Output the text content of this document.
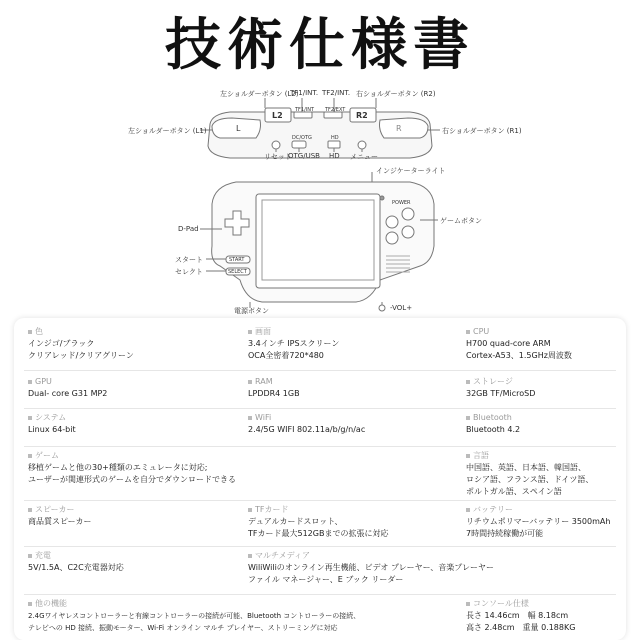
技術仕様書
L2	R2
L	R
TF1/INT TF2/EXT
DC/OTG	HD
START
SELECT
POWER
左ショルダーボタン (L2)
TF1/INT. TF2/INT. 右ショルダーボタン (R2)
左ショルダーボタン (L1)	右ショルダーボタン (R1)
リセット
OTG/USB HD メニュー
インジケーターライト
ゲームボタン
D-Pad
スタート
セレクト
電源ボタン	-VOL+
色
インジゴ/ブラック
クリアレッド/クリアグリーン
画面
3.4インチ IPSスクリーン
OCA全密着720*480
CPU
H700 quad-core ARM
Cortex-A53、1.5GHz周波数
GPU
Dual- core G31 MP2
RAM
LPDDR4 1GB
ストレージ
32GB TF/MicroSD
システム
Linux 64-bit
WiFi
2.4/5G WIFI 802.11a/b/g/n/ac
Bluetooth
Bluetooth 4.2
ゲーム
移植ゲームと他の30+種類のエミュレータに対応;
ユーザーが関連形式のゲームを自分でダウンロードできる
言語
中国語、英語、日本語、韓国語、
ロシア語、フランス語、ドイツ語、
ポルトガル語、スペイン語
スピーカー
商品質スピーカー
TFカード
デュアルカードスロット、
TFカード最大512GBまでの拡張に対応
バッテリー
リチウムポリマーバッテリー 3500mAh
7時間持続稼働が可能
充電
5V/1.5A、C2C充電器対応
マルチメディア
WiliWiliのオンライン再生機能、ビデオ プレーヤー、音楽プレーヤー
ファイル マネージャー、E ブック リーダー
他の機能
2.4Gワイヤレスコントローラーと有線コントローラーの接続が可能、Bluetooth コントローラーの接続、
テレビへの HD 接続、振動モーター、Wi-Fi オンライン マルチ プレイヤー、ストリーミングに対応
コンソール仕様
長さ 14.46cm　幅 8.18cm
高さ 2.48cm　重量 0.188KG
